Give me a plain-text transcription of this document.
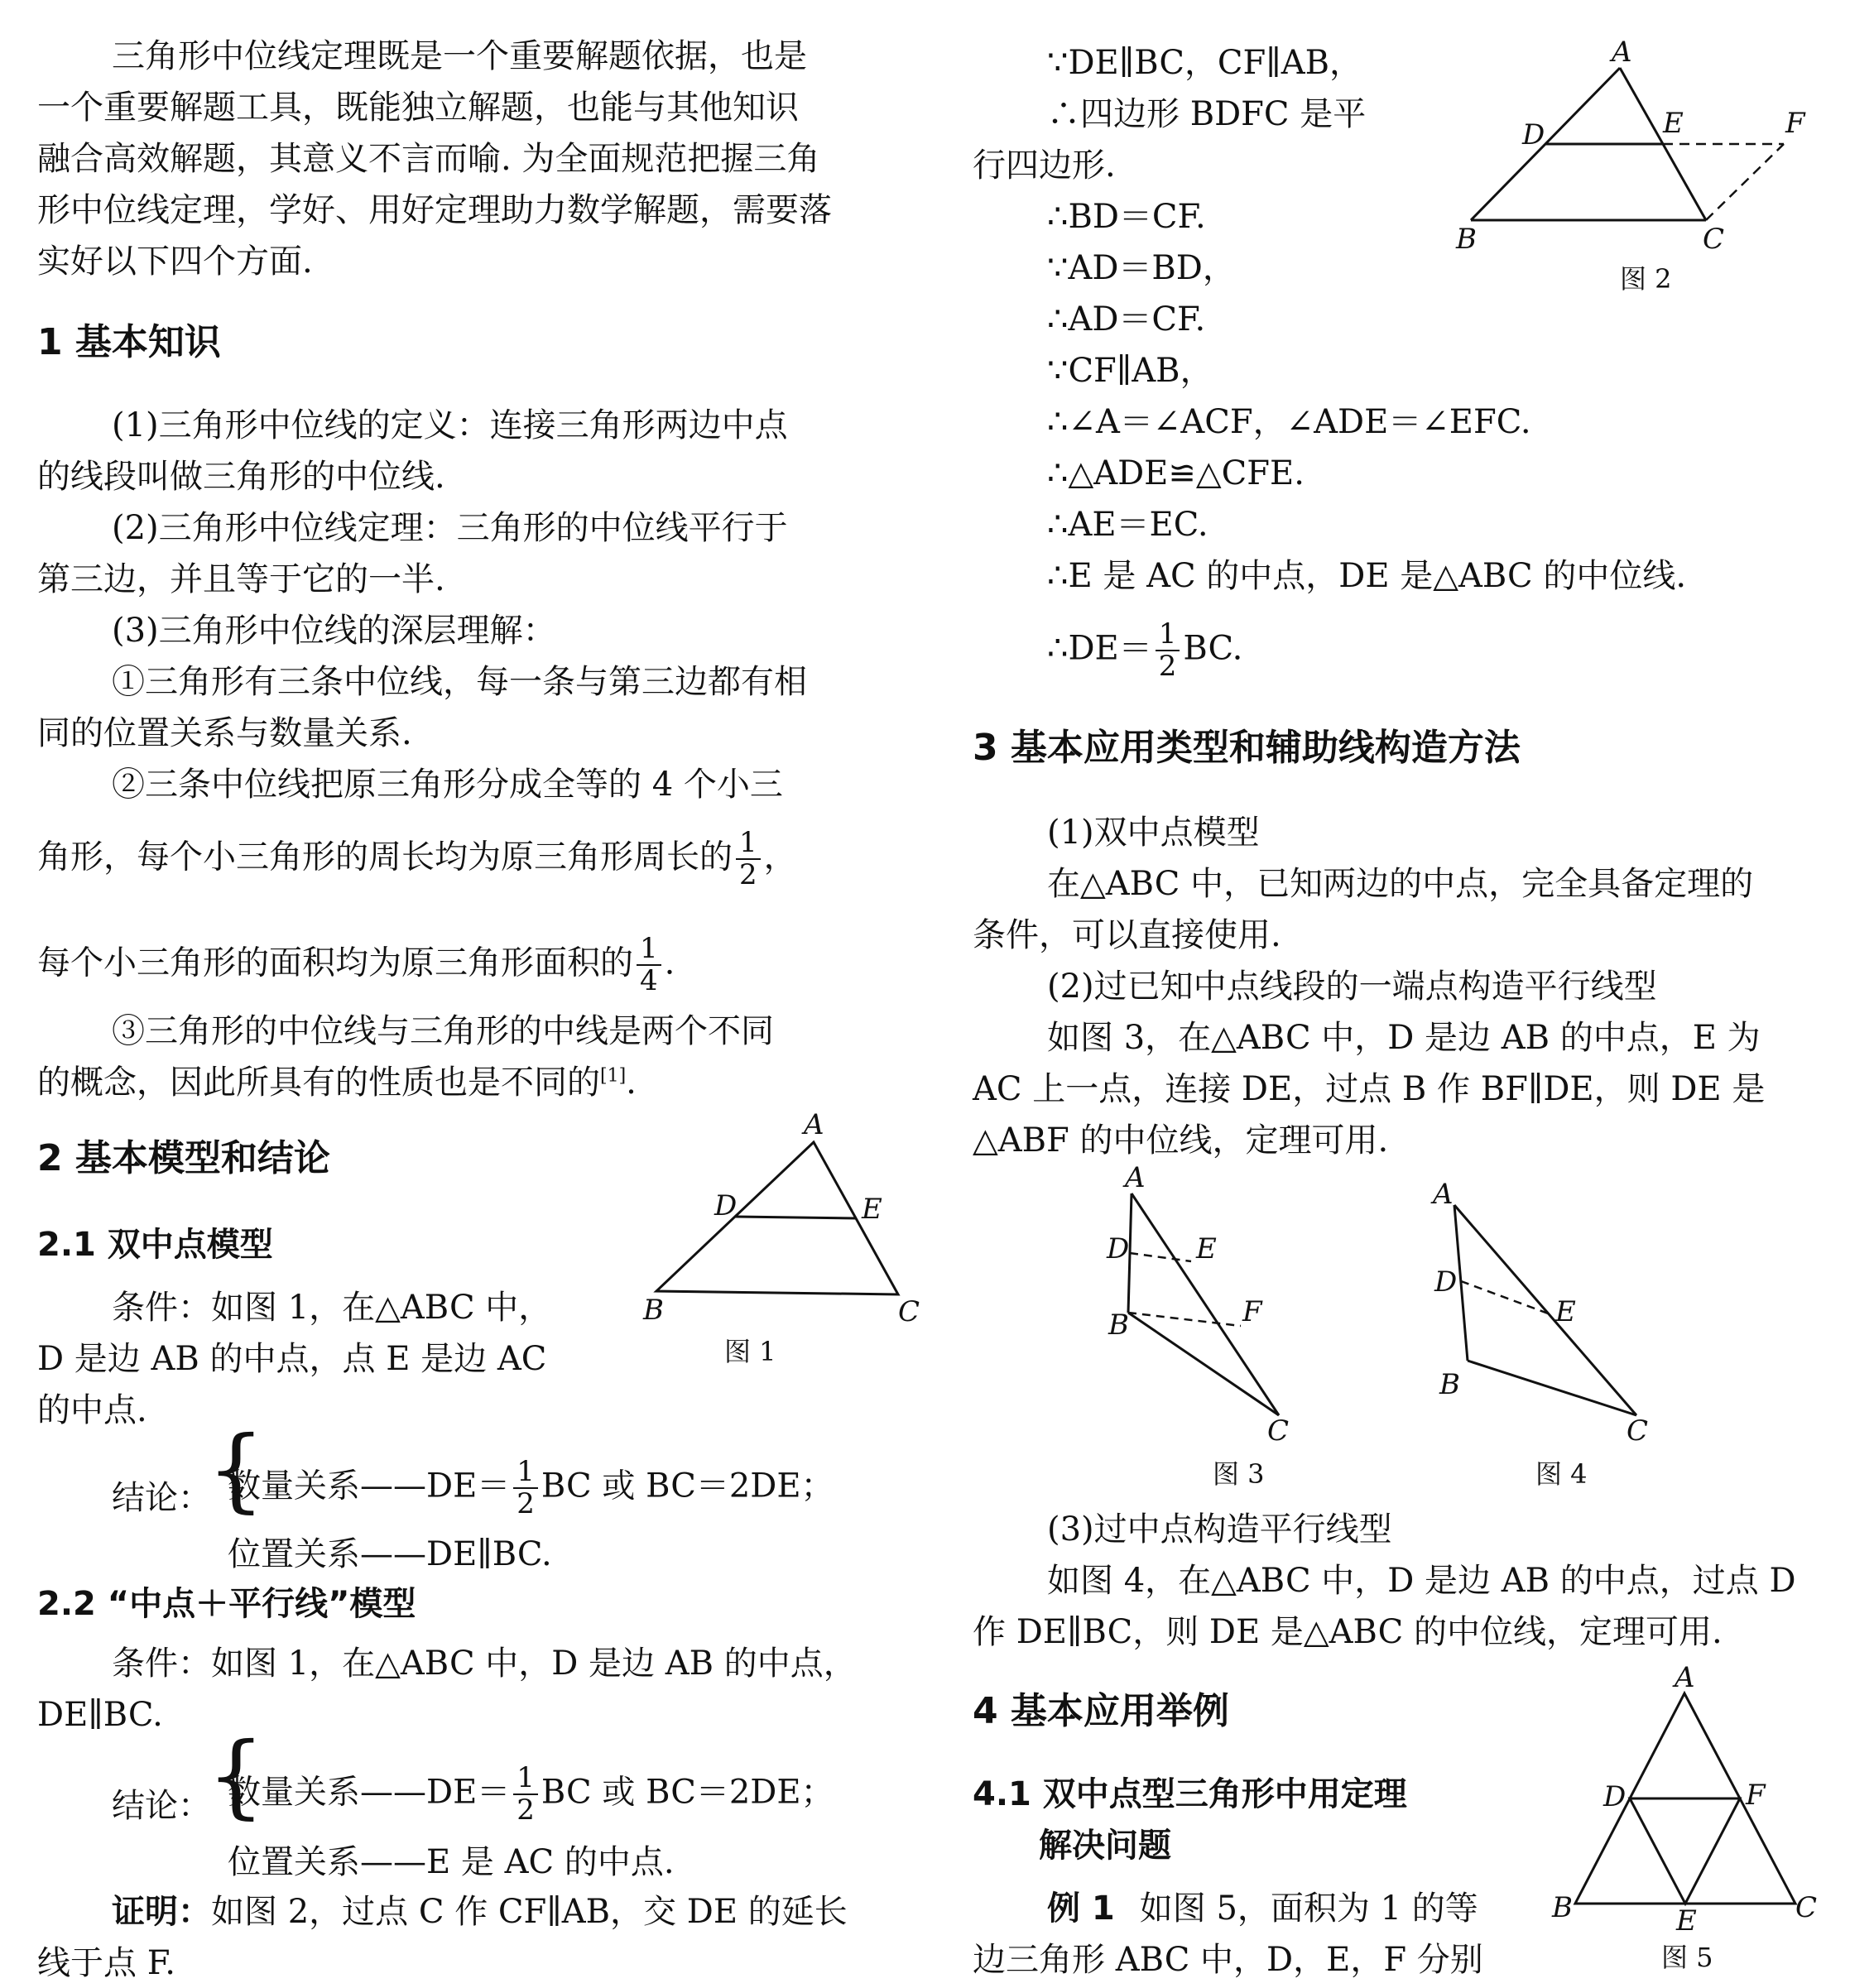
三角形中位线定理既是一个重要解题依据，也是
一个重要解题工具，既能独立解题，也能与其他知识
融合高效解题，其意义不言而喻. 为全面规范把握三角
形中位线定理，学好、用好定理助力数学解题，需要落
实好以下四个方面.
1 基本知识
(1)三角形中位线的定义：连接三角形两边中点
的线段叫做三角形的中位线.
(2)三角形中位线定理：三角形的中位线平行于
第三边，并且等于它的一半.
(3)三角形中位线的深层理解：
①三角形有三条中位线，每一条与第三边都有相
同的位置关系与数量关系.
②三条中位线把原三角形分成全等的 4 个小三
角形，每个小三角形的周长均为原三角形周长的 $\frac{1}{2}$ ，
每个小三角形的面积均为原三角形面积的 $\frac{1}{4}$ .
③三角形的中位线与三角形的中线是两个不同
的概念，因此所具有的性质也是不同的[1].
2 基本模型和结论
2.1 双中点模型
条件：如图 1，在△ABC 中，
D 是边 AB 的中点，点 E 是边 AC
的中点.
A
D	E
B	C
图 1
结论：
{
数量关系——DE＝ $\frac{1}{2}$ BC 或 BC＝2DE；
位置关系——DE∥BC.
2.2 “中点＋平行线”模型
条件：如图 1，在△ABC 中，D 是边 AB 的中点，
DE∥BC.
结论：
{
数量关系——DE＝ $\frac{1}{2}$ BC 或 BC＝2DE；
位置关系——E 是 AC 的中点.
证明：如图 2，过点 C 作 CF∥AB，交 DE 的延长
线于点 F.
∵DE∥BC，CF∥AB，
∴四边形 BDFC 是平
行四边形.
∴BD＝CF.
∵AD＝BD，
∴AD＝CF.
∵CF∥AB，
∴∠A＝∠ACF，∠ADE＝∠EFC.
∴△ADE≌△CFE.
∴AE＝EC.
∴E 是 AC 的中点，DE 是△ABC 的中位线.
∴DE＝ $\frac{1}{2}$ BC.
A
D	E	F
B	C
图 2
3 基本应用类型和辅助线构造方法
(1)双中点模型
在△ABC 中，已知两边的中点，完全具备定理的
条件，可以直接使用.
(2)过已知中点线段的一端点构造平行线型
如图 3，在△ABC 中，D 是边 AB 的中点，E 为
AC 上一点，连接 DE，过点 B 作 BF∥DE，则 DE 是
△ABF 的中位线，定理可用.
A
D E
B	F
C
图 3
A
D
E
B
C
图 4
(3)过中点构造平行线型
如图 4，在△ABC 中，D 是边 AB 的中点，过点 D
作 DE∥BC，则 DE 是△ABC 的中位线，定理可用.
4 基本应用举例
4.1 双中点型三角形中用定理
解决问题
例 1 如图 5，面积为 1 的等
边三角形 ABC 中，D，E，F 分别
A
D	F
B	C
E
图 5
